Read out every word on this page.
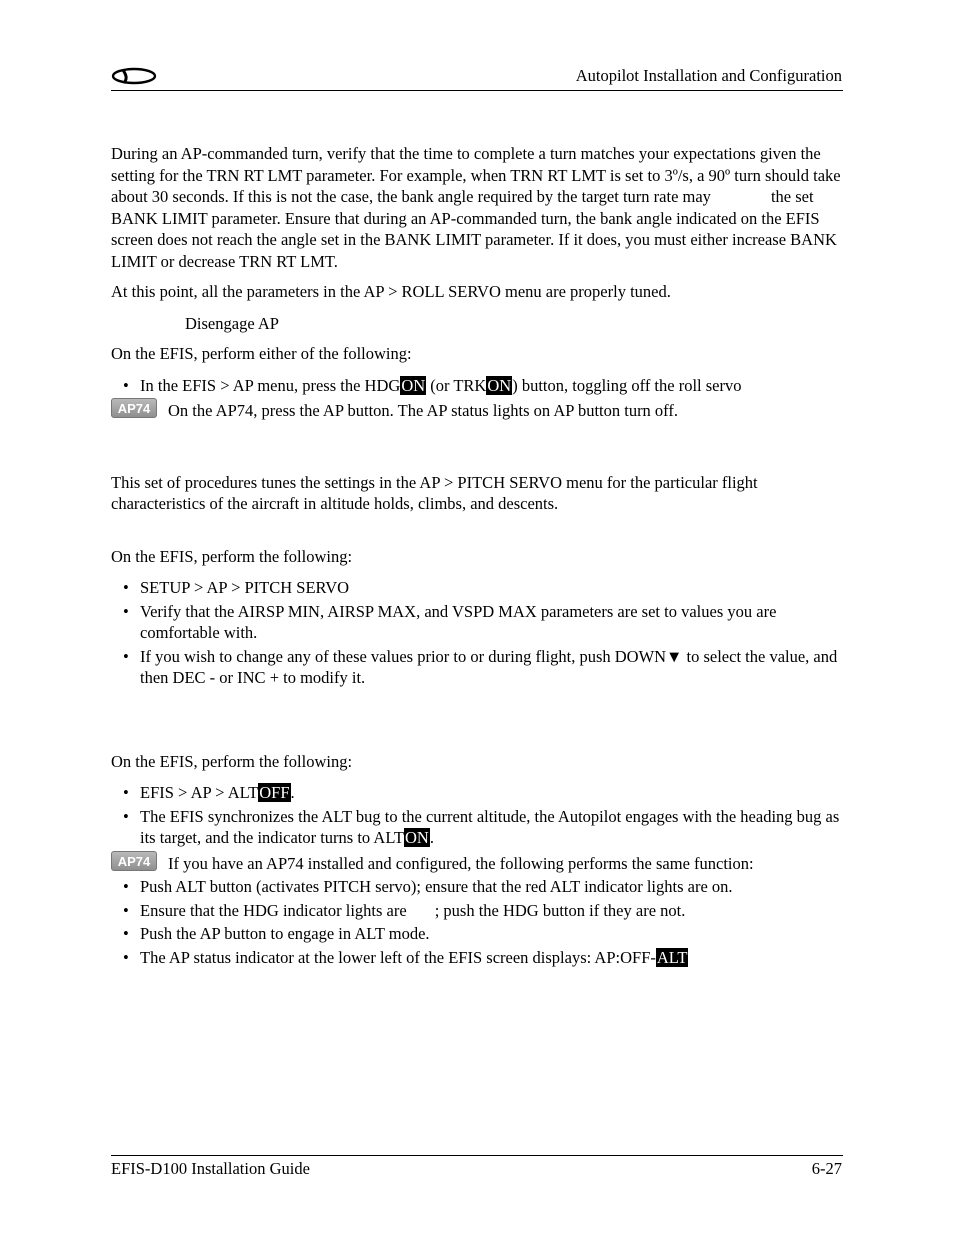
Autopilot Installation and Configuration

During an AP-commanded turn, verify that the time to complete a turn matches your expectations given the setting for the TRN RT LMT parameter. For example, when TRN RT LMT is set to 3º/s, a 90º turn should take about 30 seconds. If this is not the case, the bank angle required by the target turn rate may	the set BANK LIMIT parameter. Ensure that during an AP-commanded turn, the bank angle indicated on the EFIS screen does not reach the angle set in the BANK LIMIT parameter. If it does, you must either increase BANK LIMIT or decrease TRN RT LMT.

At this point, all the parameters in the AP > ROLL SERVO menu are properly tuned.

Disengage AP

On the EFIS, perform either of the following:

• In the EFIS > AP menu, press the HDGON (or TRKON) button, toggling off the roll servo

AP74	On the AP74, press the AP button. The AP status lights on AP button turn off.

This set of procedures tunes the settings in the AP > PITCH SERVO menu for the particular flight characteristics of the aircraft in altitude holds, climbs, and descents.

On the EFIS, perform the following:

• SETUP > AP > PITCH SERVO
• Verify that the AIRSP MIN, AIRSP MAX, and VSPD MAX parameters are set to values you are comfortable with.
• If you wish to change any of these values prior to or during flight, push DOWN▼ to select the value, and then DEC - or INC + to modify it.

On the EFIS, perform the following:

• EFIS > AP > ALTOFF.
• The EFIS synchronizes the ALT bug to the current altitude, the Autopilot engages with the heading bug as its target, and the indicator turns to ALTON.

AP74	If you have an AP74 installed and configured, the following performs the same function:

• Push ALT button (activates PITCH servo); ensure that the red ALT indicator lights are on.
• Ensure that the HDG indicator lights are ; push the HDG button if they are not.
• Push the AP button to engage in ALT mode.
• The AP status indicator at the lower left of the EFIS screen displays: AP:OFF-ALT
EFIS-D100 Installation Guide	6-27
